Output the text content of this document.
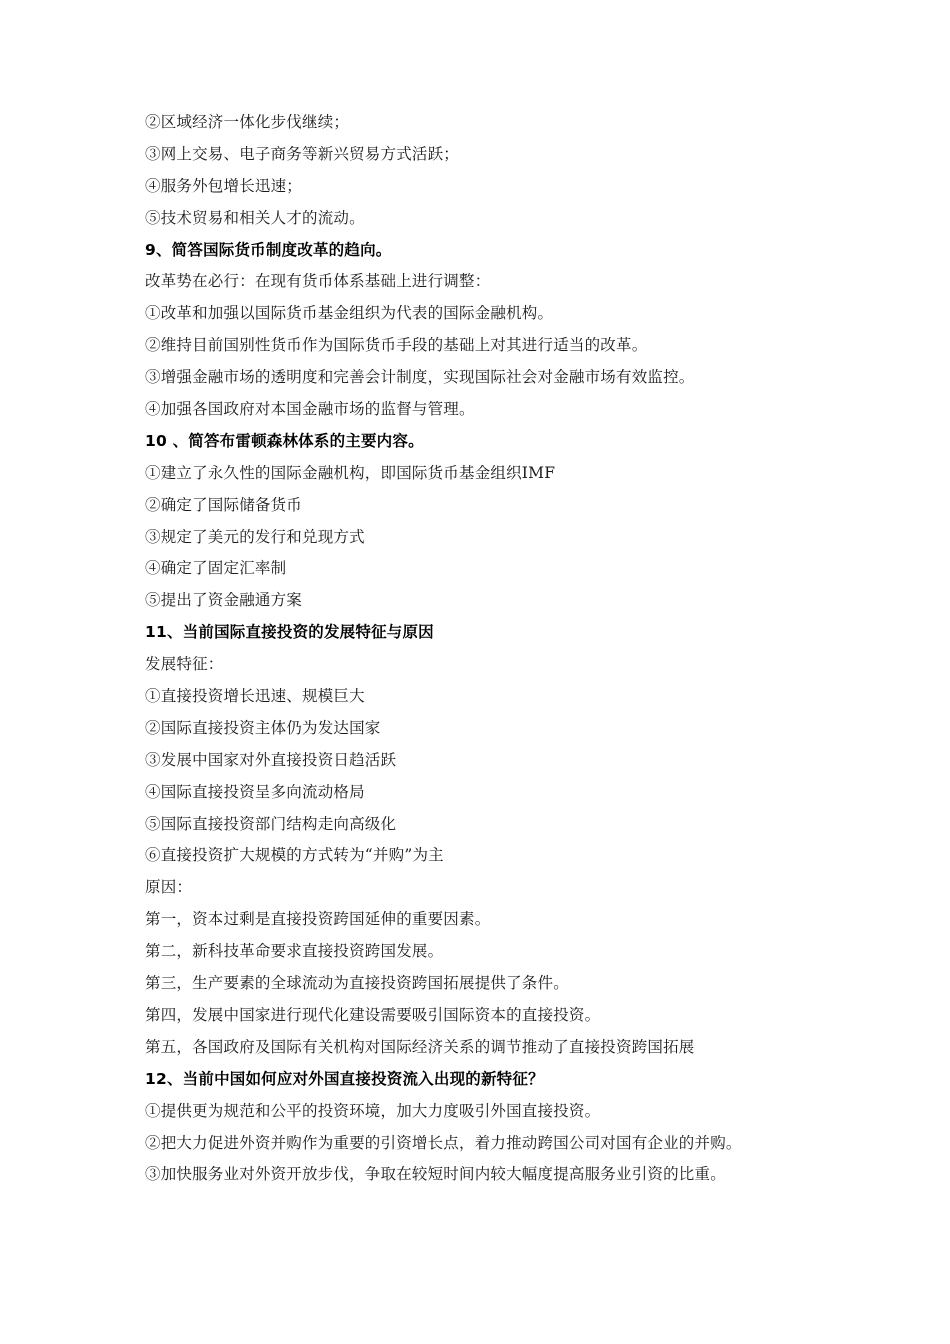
②区域经济一体化步伐继续；
③网上交易、电子商务等新兴贸易方式活跃；
④服务外包增长迅速；
⑤技术贸易和相关人才的流动。
9、简答国际货币制度改革的趋向。
改革势在必行：在现有货币体系基础上进行调整：
①改革和加强以国际货币基金组织为代表的国际金融机构。
②维持目前国别性货币作为国际货币手段的基础上对其进行适当的改革。
③增强金融市场的透明度和完善会计制度，实现国际社会对金融市场有效监控。
④加强各国政府对本国金融市场的监督与管理。
10 、简答布雷顿森林体系的主要内容。
①建立了永久性的国际金融机构，即国际货币基金组织IMF
②确定了国际储备货币
③规定了美元的发行和兑现方式
④确定了固定汇率制
⑤提出了资金融通方案
11、当前国际直接投资的发展特征与原因
发展特征：
①直接投资增长迅速、规模巨大
②国际直接投资主体仍为发达国家
③发展中国家对外直接投资日趋活跃
④国际直接投资呈多向流动格局
⑤国际直接投资部门结构走向高级化
⑥直接投资扩大规模的方式转为“并购”为主
原因：
第一，资本过剩是直接投资跨国延伸的重要因素。
第二，新科技革命要求直接投资跨国发展。
第三，生产要素的全球流动为直接投资跨国拓展提供了条件。
第四，发展中国家进行现代化建设需要吸引国际资本的直接投资。
第五，各国政府及国际有关机构对国际经济关系的调节推动了直接投资跨国拓展
12、当前中国如何应对外国直接投资流入出现的新特征？
①提供更为规范和公平的投资环境，加大力度吸引外国直接投资。
②把大力促进外资并购作为重要的引资增长点，着力推动跨国公司对国有企业的并购。
③加快服务业对外资开放步伐，争取在较短时间内较大幅度提高服务业引资的比重。
